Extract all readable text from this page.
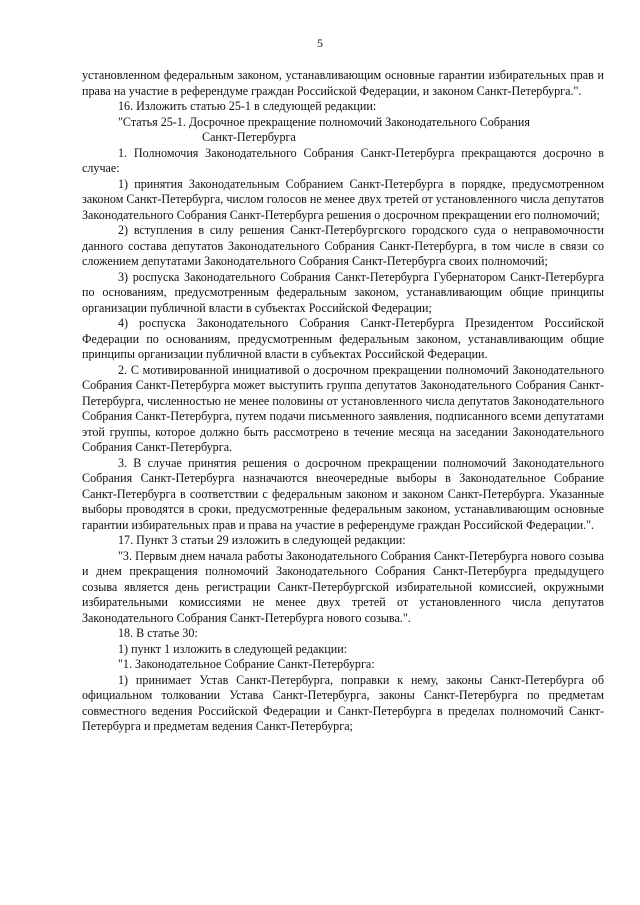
5

установленном федеральным законом, устанавливающим основные гарантии избирательных прав и права на участие в референдуме граждан Российской Федерации, и законом Санкт-Петербурга.".

16. Изложить статью 25-1 в следующей редакции:

"Статья 25-1. Досрочное прекращение полномочий Законодательного Собрания

Санкт-Петербурга

1. Полномочия Законодательного Собрания Санкт-Петербурга прекращаются досрочно в случае:

1) принятия Законодательным Собранием Санкт-Петербурга в порядке, предусмотренном законом Санкт-Петербурга, числом голосов не менее двух третей от установленного числа депутатов Законодательного Собрания Санкт-Петербурга решения о досрочном прекращении его полномочий;

2) вступления в силу решения Санкт-Петербургского городского суда о неправомочности данного состава депутатов Законодательного Собрания Санкт-Петербурга, в том числе в связи со сложением депутатами Законодательного Собрания Санкт-Петербурга своих полномочий;

3) роспуска Законодательного Собрания Санкт-Петербурга Губернатором Санкт-Петербурга по основаниям, предусмотренным федеральным законом, устанавливающим общие принципы организации публичной власти в субъектах Российской Федерации;

4) роспуска Законодательного Собрания Санкт-Петербурга Президентом Российской Федерации по основаниям, предусмотренным федеральным законом, устанавливающим общие принципы организации публичной власти в субъектах Российской Федерации.

2. С мотивированной инициативой о досрочном прекращении полномочий Законодательного Собрания Санкт-Петербурга может выступить группа депутатов Законодательного Собрания Санкт-Петербурга, численностью не менее половины от установленного числа депутатов Законодательного Собрания Санкт-Петербурга, путем подачи письменного заявления, подписанного всеми депутатами этой группы, которое должно быть рассмотрено в течение месяца на заседании Законодательного Собрания Санкт-Петербурга.

3. В случае принятия решения о досрочном прекращении полномочий Законодательного Собрания Санкт-Петербурга назначаются внеочередные выборы в Законодательное Собрание Санкт-Петербурга в соответствии с федеральным законом и законом Санкт-Петербурга. Указанные выборы проводятся в сроки, предусмотренные федеральным законом, устанавливающим основные гарантии избирательных прав и права на участие в референдуме граждан Российской Федерации.".

17. Пункт 3 статьи 29 изложить в следующей редакции:

"3. Первым днем начала работы Законодательного Собрания Санкт-Петербурга нового созыва и днем прекращения полномочий Законодательного Собрания Санкт-Петербурга предыдущего созыва является день регистрации Санкт-Петербургской избирательной комиссией, окружными избирательными комиссиями не менее двух третей от установленного числа депутатов Законодательного Собрания Санкт-Петербурга нового созыва.".

18. В статье 30:

1) пункт 1 изложить в следующей редакции:

"1. Законодательное Собрание Санкт-Петербурга:

1) принимает Устав Санкт-Петербурга, поправки к нему, законы Санкт-Петербурга об официальном толковании Устава Санкт-Петербурга, законы Санкт-Петербурга по предметам совместного ведения Российской Федерации и Санкт-Петербурга в пределах полномочий Санкт-Петербурга и предметам ведения Санкт-Петербурга;
